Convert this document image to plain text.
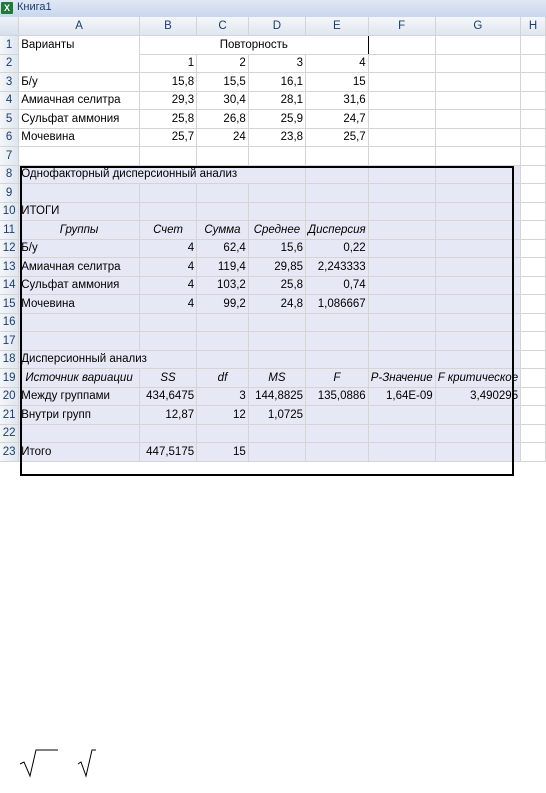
X Книга1
	A	B	C	D	E	F	G	H
1	Варианты	Повторность						
2		1	2	3	4			
3	Б/у	15,8	15,5	16,1	15			
4	Амиачная селитра	29,3	30,4	28,1	31,6			
5	Сульфат аммония	25,8	26,8	25,9	24,7			
6	Мочевина	25,7	24	23,8	25,7			
7								
8	Однофакторный дисперсионный анализ							
9								
10	ИТОГИ							
11	Группы	Счет	Сумма	Среднее	Дисперсия			
12	Б/у	4	62,4	15,6	0,22			
13	Амиачная селитра	4	119,4	29,85	2,243333			
14	Сульфат аммония	4	103,2	25,8	0,74			
15	Мочевина	4	99,2	24,8	1,086667			
16								
17								
18	Дисперсионный анализ							
19	Источник вариации	SS	df	MS	F	P-Значение	F критическое	
20	Между группами	434,6475	3	144,8825	135,0886	1,64E-09	3,490295	
21	Внутри групп	12,87	12	1,0725				
22								
23	Итого	447,5175	15					
